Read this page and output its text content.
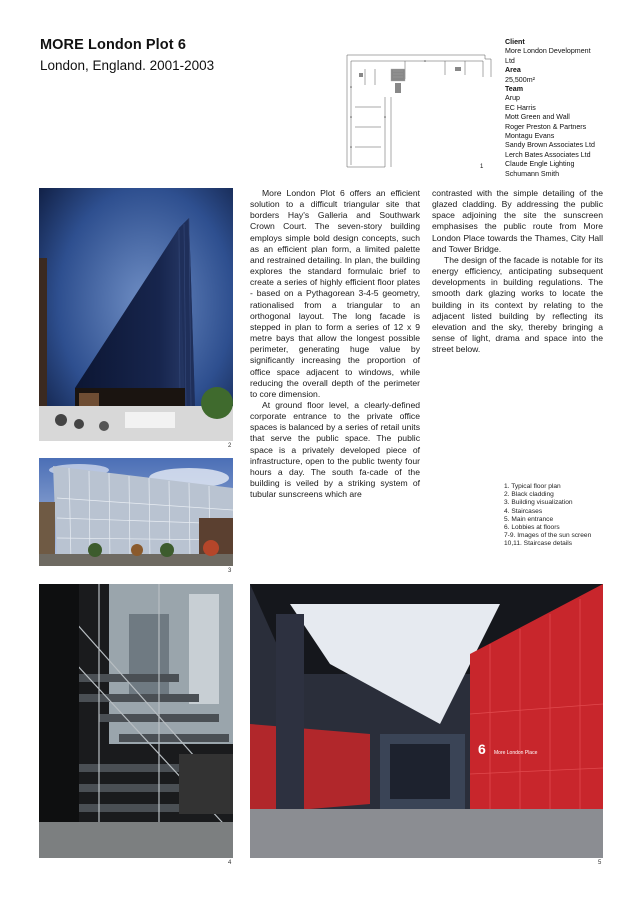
MORE London Plot 6
London, England. 2001-2003
1
Client
More London Development
Ltd
Area
25,500m²
Team
Arup
EC Harris
Mott Green and Wall
Roger Preston & Partners
Montagu Evans
Sandy Brown Associates Ltd
Lerch Bates Associates Ltd
Claude Engle Lighting
Schumann Smith
2
3
4
6 More London Place
5

More London Plot 6 offers an efficient solution to a difficult triangular site that borders Hay's Galleria and Southwark Crown Court. The seven-story building employs simple bold design concepts, such as an efficient plan form, a limited palette and restrained detailing. In plan, the building explores the standard formulaic brief to create a series of highly efficient floor plates - based on a Pythagorean 3-4-5 geometry, rationalised from a triangular to an orthogonal layout. The long facade is stepped in plan to form a series of 12 x 9 metre bays that allow the longest possible perimeter, generating huge value by significantly increasing the proportion of office space adjacent to windows, while reducing the overall depth of the perimeter to core dimension.

At ground floor level, a clearly-defined corporate entrance to the private office spaces is balanced by a series of retail units that serve the public space. The public space is a privately developed piece of infrastructure, open to the public twenty four hours a day. The south fa-cade of the building is veiled by a striking system of tubular sunscreens which are

contrasted with the simple detailing of the glazed cladding. By addressing the public space adjoining the site the sunscreen emphasises the public route from More London Place towards the Thames, City Hall and Tower Bridge.

The design of the facade is notable for its energy efficiency, anticipating subsequent developments in building regulations. The smooth dark glazing works to locate the building in its context by relating to the adjacent listed building by reflecting its elevation and the sky, thereby bringing a sense of light, drama and space into the street below.

1. Typical floor plan
2. Black cladding
3. Building visualization
4. Staircases
5. Main entrance
6. Lobbies at floors
7-9. Images of the sun screen
10,11. Staircase details
